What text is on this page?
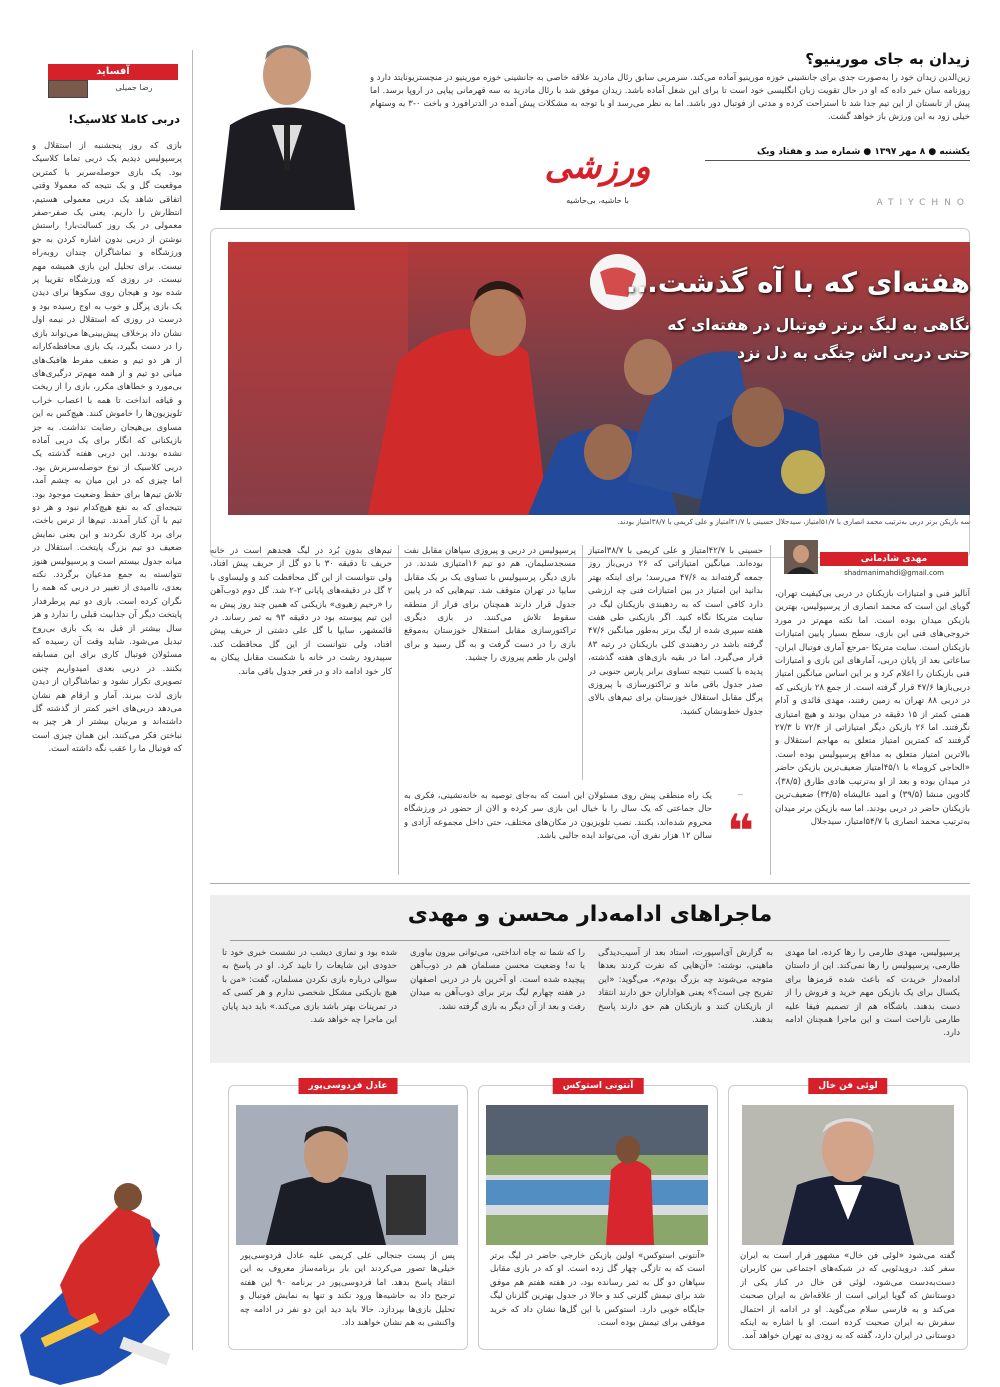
آفساید
رضا جمیلی
دربی کاملا کلاسیک!
بازی که روز پنجشنبه از استقلال و پرسپولیس دیدیم یک دربی تماما کلاسیک بود. یک بازی حوصله‌سربر با کمترین موقعیت گل و یک نتیجه که معمولا وقتی اتفاقی شاهد یک دربی معمولی هستیم، انتظارش را داریم. یعنی یک صفر-صفر معمولی در یک روز کسالت‌بار! راستش نوشتن از دربی بدون اشاره کردن به جو ورزشگاه و تماشاگران چندان روبه‌راه نیست. برای تحلیل این بازی همیشه مهم نیست. در روزی که ورزشگاه تقریبا پر شده بود و هیجان روی سکوها برای دیدن یک بازی پرگل و خوب به اوج رسیده بود و درست در روزی که استقلال در نیمه اول نشان داد برخلاف پیش‌بینی‌ها می‌تواند بازی را در دست بگیرد، یک بازی محافظه‌کارانه از هر دو تیم و ضعف مفرط هافبک‌های میانی دو تیم و از همه مهم‌تر درگیری‌های بی‌مورد و خطاهای مکرر، بازی را از ریخت و قیافه انداخت تا همه با اعصاب خراب تلویزیون‌ها را خاموش کنند. هیچ‌کس به این مساوی بی‌هیجان رضایت نداشت. به جز بازیکنانی که انگار برای یک دربی آماده نشده بودند. این دربی هفته گذشته یک دربی کلاسیک از نوع حوصله‌سربرش بود. اما چیزی که در این میان به چشم آمد، تلاش تیم‌ها برای حفظ وضعیت موجود بود. نتیجه‌ای که به نفع هیچ‌کدام نبود و هر دو تیم با آن کنار آمدند. تیم‌ها از ترس باخت، برای برد کاری نکردند و این یعنی نمایش ضعیف دو تیم بزرگ پایتخت. استقلال در میانه جدول بیستم است و پرسپولیس هنوز نتوانسته به جمع مدعیان برگردد. نکته بعدی، ناامیدی از تغییر در دربی که همه را نگران کرده است. بازی دو تیم پرطرفدار پایتخت دیگر آن جذابیت قبلی را ندارد و هر سال بیشتر از قبل به یک بازی بی‌روح تبدیل می‌شود. شاید وقت آن رسیده که مسئولان فوتبال کاری برای این مسابقه بکنند. در دربی بعدی امیدواریم چنین تصویری تکرار نشود و تماشاگران از دیدن بازی لذت ببرند. آمار و ارقام هم نشان می‌دهد دربی‌های اخیر کمتر از گذشته گل داشته‌اند و مربیان بیشتر از هر چیز به نباختن فکر می‌کنند. این همان چیزی است که فوتبال ما را عقب نگه داشته است.
زیدان به جای مورینیو؟
زین‌الدین زیدان خود را به‌صورت جدی برای جانشینی خوزه مورینیو آماده می‌کند. سرمربی سابق رئال مادرید علاقه خاصی به جانشینی خوزه مورینیو در منچستریونایتد دارد و روزنامه سان خبر داده که او در حال تقویت زبان انگلیسی خود است تا برای این شغل آماده باشد. زیدان موفق شد با رئال مادرید به سه قهرمانی پیاپی در اروپا برسد. اما پیش از تابستان از این تیم جدا شد تا استراحت کرده و مدتی از فوتبال دور باشد. اما به نظر می‌رسد او با توجه به مشکلات پیش آمده در الدترافورد و باخت ۰-۳ به وستهام خیلی زود به این ورزش باز خواهد گشت.
ورزشی
با حاشیه، بی‌حاشیه
یکشنبه ● ۸ مهر ۱۳۹۷ ● شماره صد و هفتاد ویک
ATIYCHNO
هفته‌ای که با آه گذشت...
نگاهی به لیگ برتر فوتبال در هفته‌ای که
حتی دربی اش چنگی به دل نزد
سه بازیکن برتر دربی به‌ترتیب محمد انصاری با ۵۱/۷امتیاز، سیدجلال حسینی با ۴۱/۷امتیاز و علی کریمی با ۳۸/۷امتیاز بودند.
مهدی شادمانی
shadmanimahdi@gmail.com
آنالیز فنی و امتیازات بازیکنان در دربی بی‌کیفیت تهران، گویای این است که محمد انصاری از پرسپولیس، بهترین بازیکن میدان بوده است. اما نکته مهم‌تر در مورد خروجی‌های فنی این بازی، سطح بسیار پایین امتیازات بازیکنان است. سایت متریکا -مرجع آماری فوتبال ایران- ساعاتی بعد از پایان دربی، آمارهای این بازی و امتیازات فنی بازیکنان را اعلام کرد و بر این اساس میانگین امتیاز دربی‌بازها ۴۷/۶ قرار گرفته است. از جمع ۲۸ بازیکنی که در دربی ۸۸ تهران به زمین رفتند، مهدی قائدی و آدام همتی کمتر از ۱۵ دقیقه در میدان بودند و هیچ امتیازی نگرفتند. اما ۲۶ بازیکن دیگر امتیازاتی از ۷۲/۴ تا ۲۷/۳ گرفتند که کمترین امتیاز متعلق به مهاجم استقلال و بالاترین امتیاز متعلق به مدافع پرسپولیس بوده است. «الحاجی کروما» با ۴۵/۱امتیاز ضعیف‌ترین بازیکن حاضر در میدان بوده و بعد از او به‌ترتیب هادی طارق (۳۸/۵)، گادوین منشا (۳۹/۵) و امید عالیشاه (۳۴/۵) ضعیف‌ترین بازیکنان حاضر در دربی بودند. اما سه بازیکن برتر میدان به‌ترتیب محمد انصاری با ۵۴/۷امتیاز، سیدجلال
حسینی با ۴۲/۷امتیاز و علی کریمی با ۳۸/۷امتیاز بوده‌اند. میانگین امتیازاتی که ۲۶ دربی‌باز روز جمعه گرفته‌اند به ۴۷/۶ می‌رسد؛ برای اینکه بهتر بدانید این امتیاز در بین امتیازات فنی چه ارزشی دارد کافی است که به ردهبندی بازیکنان لیگ در سایت متریکا نگاه کنید. اگر بازیکنی طی هفت هفته سپری شده از لیگ برتر به‌طور میانگین ۴۷/۶ گرفته باشد در ردهبندی کلی بازیکنان در رتبه ۸۳ قرار می‌گیرد. اما در بقیه بازی‌های هفته گذشته، پدیده با کسب نتیجه تساوی برابر پارس جنوبی در صدر جدول باقی ماند و تراکتورسازی با پیروزی پرگل مقابل استقلال خوزستان برای تیم‌های بالای جدول خط‌ونشان کشید.
پرسپولیس در دربی و پیروزی سپاهان مقابل نفت مسجدسلیمان، هم دو تیم ۱۶امتیازی شدند. در بازی دیگر، پرسپولیس با تساوی یک بر یک مقابل سایپا در تهران متوقف شد. تیم‌هایی که در پایین جدول قرار دارند همچنان برای فرار از منطقه سقوط تلاش می‌کنند. در بازی دیگری تراکتورسازی مقابل استقلال خوزستان به‌موقع بازی را در دست گرفت و به گل رسید و برای اولین بار طعم پیروزی را چشید.
تیم‌های بدون بُرد در لیگ هجدهم است در خانه حریف تا دقیقه ۳۰ با دو گل از حریف پیش افتاد، ولی نتوانست از این گل محافظت کند و ولیساوی با ۲ گل در دقیقه‌های پایانی ۲-۲ شد. گل دوم ذوب‌آهن را «رحیم زهیوی» بازیکنی که همین چند روز پیش به این تیم پیوسته بود در دقیقه ۹۳ به ثمر رساند. در قائمشهر، سایپا با گل علی دشتی از حریف پیش افتاد، ولی نتوانست از این گل محافظت کند. سپیدرود رشت در خانه با شکست مقابل پیکان به کار خود ادامه داد و در قعر جدول باقی ماند.
~
❝
یک راه منطقی پیش روی مسئولان این است که به‌جای توصیه به خانه‌نشینی، فکری به حال جماعتی که یک سال را با خیال این بازی سر کرده و الان از حضور در ورزشگاه محروم شده‌اند، بکنند. نصب تلویزیون در مکان‌های مختلف، حتی داخل مجموعه آزادی و سالن ۱۲ هزار نفری آن، می‌تواند ایده جالبی باشد.
ماجراهای ادامه‌دار محسن و مهدی
پرسپولیس، مهدی طارمی را رها کرده، اما مهدی طارمی، پرسپولیس را رها نمی‌کند. این از داستان ادامه‌دار خریدت که باعث شده قرمزها برای یکسال برای یک بازیکن مهم خرید و فروش را از دست بدهند. باشگاه هم از تصمیم فیفا علیه طارمی ناراحت است و این ماجرا همچنان ادامه دارد.
به گزارش آی‌اسپورت، استاد بعد از آسیب‌دیدگی ماهینی، نوشته: «آن‌هایی که نفرت کردند بعدها متوجه می‌شوند چه بزرگ بودم»، می‌گوید: «این تفریح چی است؟» یعنی هواداران حق دارند انتقاد از بازیکنان کنند و بازیکنان هم حق دارند پاسخ بدهند.
را که شما نه چاه انداختی، می‌توانی بیرون بیاوری یا نه! وضعیت محسن مسلمان هم در ذوب‌آهن پیچیده شده است. او آخرین بار در دربی اصفهان در هفته چهارم لیگ برتر برای ذوب‌آهن به میدان رفت و بعد از آن دیگر به بازی گرفته نشد.
شده بود و نمازی دیشب در نشست خبری خود تا حدودی این شایعات را تایید کرد. او در پاسخ به سوالی درباره بازی نکردن مسلمان، گفت: «من با هیچ بازیکنی مشکل شخصی ندارم و هر کسی که در تمرینات بهتر باشد بازی می‌کند.» باید دید پایان این ماجرا چه خواهد شد.
لوئی فن خال
گفته می‌شود «لوئی فن خال» مشهور قرار است به ایران سفر کند. درویدئویی که در شبکه‌های اجتماعی بین کاربران دست‌به‌دست می‌شود، لوئی فن خال در کنار یکی از دوستانش که گویا ایرانی است از علاقه‌اش به ایران صحبت می‌کند و به فارسی سلام می‌گوید. او در ادامه از احتمال سفرش به ایران صحبت کرده است. او با اشاره به اینکه دوستانی در ایران دارد، گفته که به زودی به تهران خواهد آمد.
آنتونی استوکس
«آنتونی استوکس» اولین بازیکن خارجی حاضر در لیگ برتر است که به تازگی چهار گل زده است. او که در بازی مقابل سپاهان دو گل به ثمر رسانده بود، در هفته هفتم هم موفق شد برای تیمش گلزنی کند و حالا در جدول بهترین گلزنان لیگ جایگاه خوبی دارد. استوکس با این گل‌ها نشان داد که خرید موفقی برای تیمش بوده است.
عادل فردوسی‌پور
پس از پست جنجالی علی کریمی علیه عادل فردوسی‌پور خیلی‌ها تصور می‌کردند این بار برنامه‌ساز معروف به این انتقاد پاسخ بدهد. اما فردوسی‌پور در برنامه ۹۰ این هفته ترجیح داد به حاشیه‌ها ورود نکند و تنها به نمایش فوتبال و تحلیل بازی‌ها بپردازد. حالا باید دید این دو نفر در ادامه چه واکنشی به هم نشان خواهند داد.
